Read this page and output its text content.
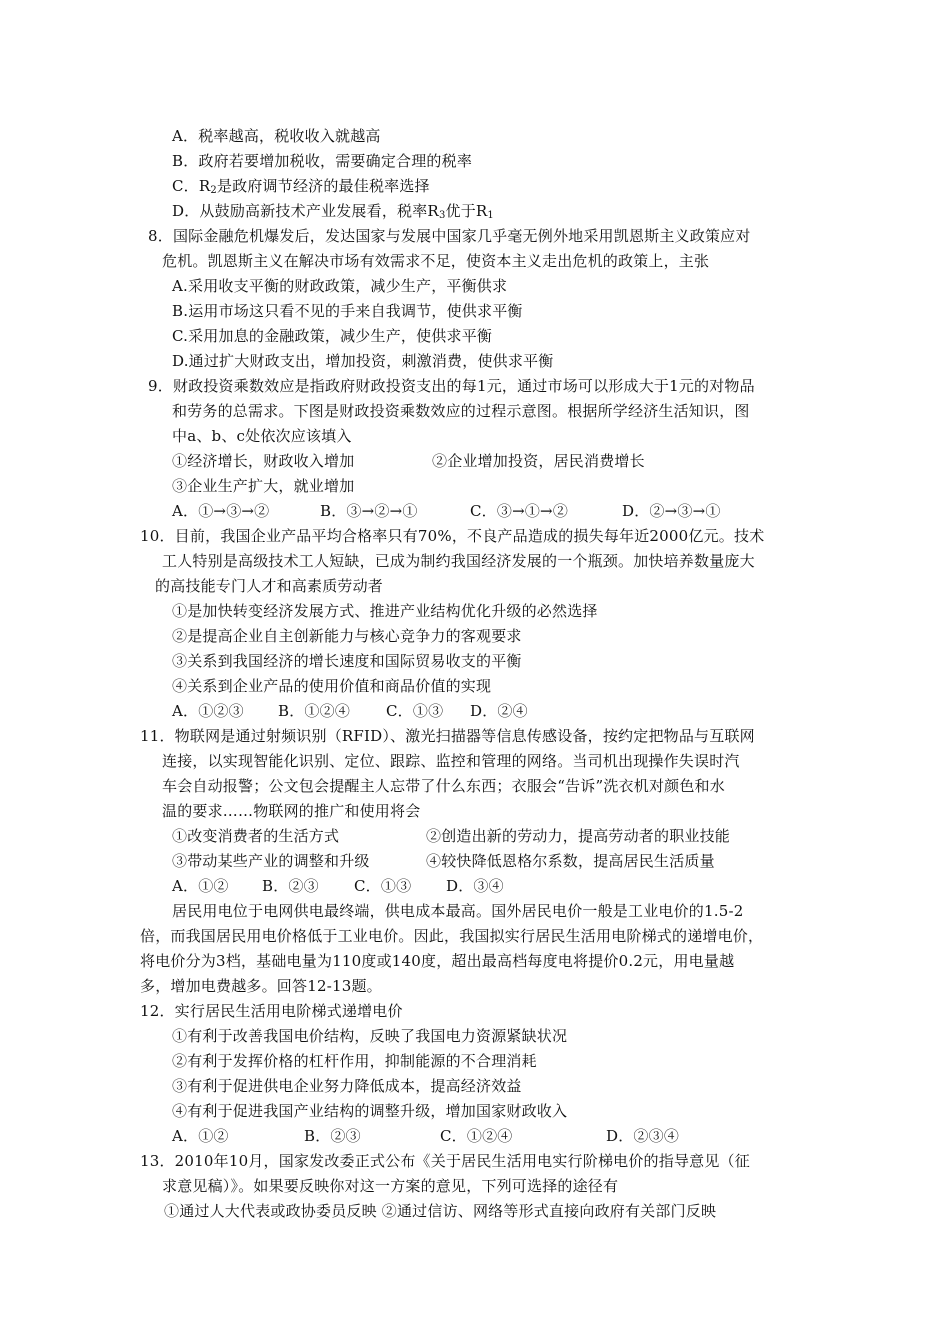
A．税率越高，税收收入就越高
B．政府若要增加税收，需要确定合理的税率
C．$R_2$是政府调节经济的最佳税率选择
D．从鼓励高新技术产业发展看，税率$R_3$优于$R_1$
8．国际金融危机爆发后，发达国家与发展中国家几乎毫无例外地采用凯恩斯主义政策应对
危机。凯恩斯主义在解决市场有效需求不足，使资本主义走出危机的政策上，主张
A.采用收支平衡的财政政策，减少生产，平衡供求
B.运用市场这只看不见的手来自我调节，使供求平衡
C.采用加息的金融政策，减少生产，使供求平衡
D.通过扩大财政支出，增加投资，刺激消费，使供求平衡
9．财政投资乘数效应是指政府财政投资支出的每1元，通过市场可以形成大于1元的对物品
和劳务的总需求。下图是财政投资乘数效应的过程示意图。根据所学经济生活知识，图
中a、b、c处依次应该填入
①经济增长，财政收入增加	②企业增加投资，居民消费增长
③企业生产扩大，就业增加
A．①→③→②	B．③→②→①	C．③→①→②	D．②→③→①
10．目前，我国企业产品平均合格率只有70%，不良产品造成的损失每年近2000亿元。技术
工人特别是高级技术工人短缺，已成为制约我国经济发展的一个瓶颈。加快培养数量庞大
的高技能专门人才和高素质劳动者
①是加快转变经济发展方式、推进产业结构优化升级的必然选择
②是提高企业自主创新能力与核心竞争力的客观要求
③关系到我国经济的增长速度和国际贸易收支的平衡
④关系到企业产品的使用价值和商品价值的实现
A．①②③ B．①②④ C．①③ D．②④
11．物联网是通过射频识别（RFID）、激光扫描器等信息传感设备，按约定把物品与互联网
连接，以实现智能化识别、定位、跟踪、监控和管理的网络。当司机出现操作失误时汽
车会自动报警；公文包会提醒主人忘带了什么东西；衣服会“告诉”洗衣机对颜色和水
温的要求……物联网的推广和使用将会
①改变消费者的生活方式	②创造出新的劳动力，提高劳动者的职业技能
③带动某些产业的调整和升级	④较快降低恩格尔系数，提高居民生活质量
A．①② B．②③ C．①③ D．③④
居民用电位于电网供电最终端，供电成本最高。国外居民电价一般是工业电价的1.5-2
倍，而我国居民用电价格低于工业电价。因此，我国拟实行居民生活用电阶梯式的递增电价，
将电价分为3档，基础电量为110度或140度，超出最高档每度电将提价0.2元，用电量越
多，增加电费越多。回答12-13题。
12．实行居民生活用电阶梯式递增电价
①有利于改善我国电价结构，反映了我国电力资源紧缺状况
②有利于发挥价格的杠杆作用，抑制能源的不合理消耗
③有利于促进供电企业努力降低成本，提高经济效益
④有利于促进我国产业结构的调整升级，增加国家财政收入
A．①②	B．②③	C．①②④	D．②③④
13．2010年10月，国家发改委正式公布《关于居民生活用电实行阶梯电价的指导意见（征
求意见稿）》。如果要反映你对这一方案的意见，下列可选择的途径有
①通过人大代表或政协委员反映 ②通过信访、网络等形式直接向政府有关部门反映
